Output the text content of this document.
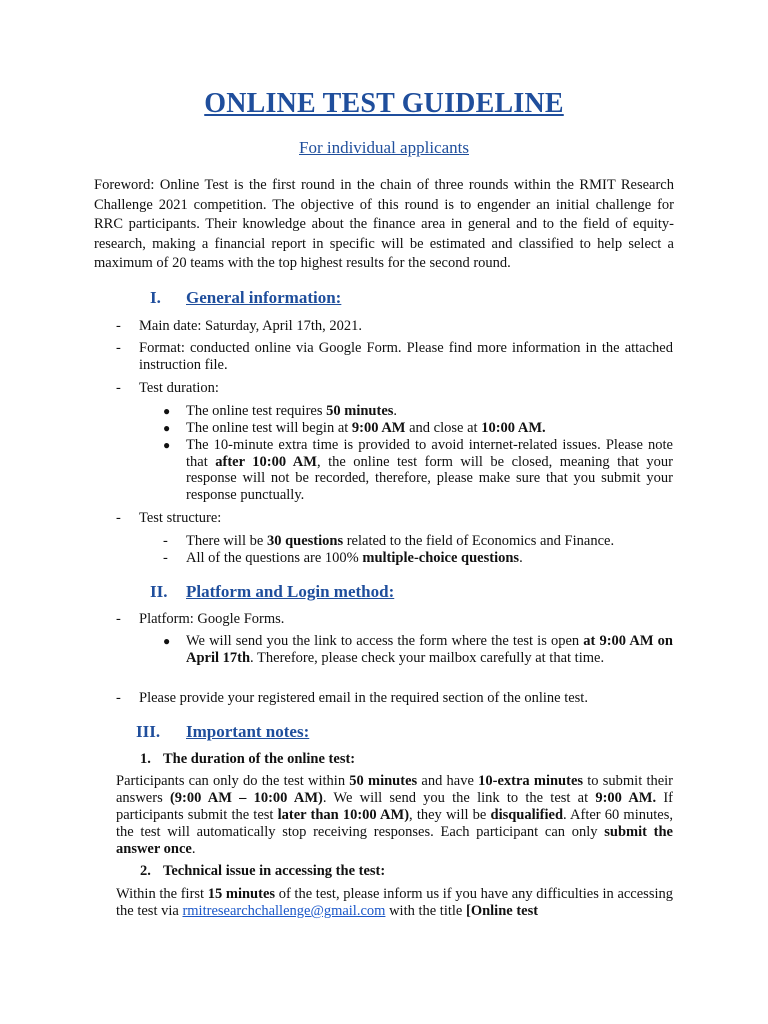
ONLINE TEST GUIDELINE

For individual applicants

Foreword: Online Test is the first round in the chain of three rounds within the RMIT Research Challenge 2021 competition. The objective of this round is to engender an initial challenge for RRC participants. Their knowledge about the finance area in general and to the field of equity-research, making a financial report in specific will be estimated and classified to help select a maximum of 20 teams with the top highest results for the second round.

I. General information:
- Main date: Saturday, April 17th, 2021.

- Format: conducted online via Google Form. Please find more information in the attached instruction file.

- Test duration:

● The online test requires 50 minutes.

● The online test will begin at 9:00 AM and close at 10:00 AM.

● The 10-minute extra time is provided to avoid internet-related issues. Please note that after 10:00 AM, the online test form will be closed, meaning that your response will not be recorded, therefore, please make sure that you submit your response punctually.

- Test structure:

- There will be 30 questions related to the field of Economics and Finance.

- All of the questions are 100% multiple-choice questions.

II. Platform and Login method:
- Platform: Google Forms.

● We will send you the link to access the form where the test is open at 9:00 AM on April 17th. Therefore, please check your mailbox carefully at that time.

- Please provide your registered email in the required section of the online test.

III. Important notes:

1. The duration of the online test:

Participants can only do the test within 50 minutes and have 10-extra minutes to submit their answers (9:00 AM – 10:00 AM). We will send you the link to the test at 9:00 AM. If participants submit the test later than 10:00 AM), they will be disqualified. After 60 minutes, the test will automatically stop receiving responses. Each participant can only submit the answer once.

2. Technical issue in accessing the test:

Within the first 15 minutes of the test, please inform us if you have any difficulties in accessing the test via rmitresearchchallenge@gmail.com with the title [Online test
